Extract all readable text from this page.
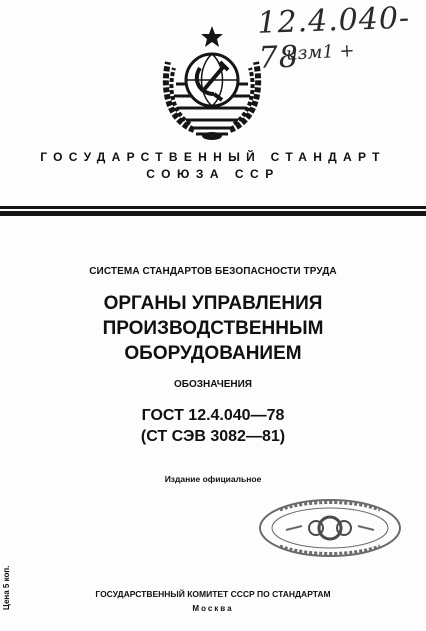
12.4.040-78
изм1 +
ГОСУДАРСТВЕННЫЙ СТАНДАРТ
СОЮЗА ССР
СИСТЕМА СТАНДАРТОВ БЕЗОПАСНОСТИ ТРУДА
ОРГАНЫ УПРАВЛЕНИЯ
ПРОИЗВОДСТВЕННЫМ
ОБОРУДОВАНИЕМ
ОБОЗНАЧЕНИЯ
ГОСТ 12.4.040—78
(СТ СЭВ 3082—81)
Издание официальное
Цена 5 коп.	ГОСУДАРСТВЕННЫЙ КОМИТЕТ СССР ПО СТАНДАРТАМ
Москва
